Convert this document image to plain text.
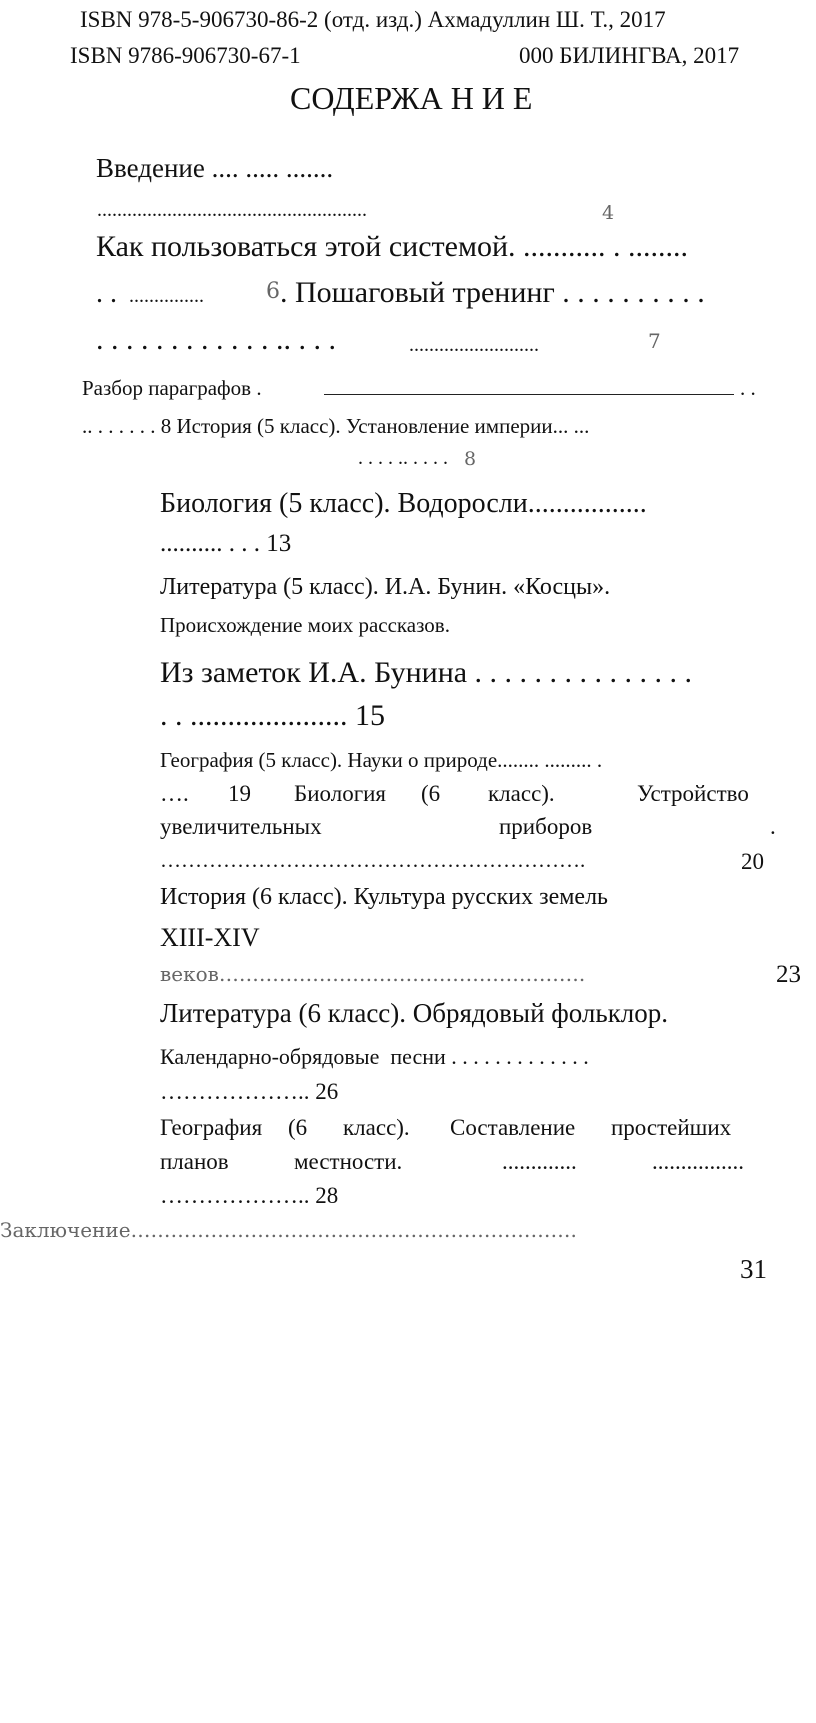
ISBN 978-5-906730-86-2 (отд. изд.) Ахмадуллин Ш. Т., 2017
ISBN 9786-906730-67-1	000 БИЛИНГВА, 2017
СОДЕРЖА Н И Е
Введение .... ..... .......
......................................................	4
Как пользоваться этой системой. ........... . ........
. . ...............	6 . Пошаговый тренинг . . . . . . . . . .
. . . . . . . . . . . . .. . . .	..........................	7
Разбор параграфов .	. .
.. . . . . . . 8 История (5 класс). Установление империи... ...
. . . . .. . . . . 8
Биология (5 класс). Водоросли.................
.......... . . . 13
Литература (5 класс). И.А. Бунин. «Косцы».
Происхождение моих рассказов.
Из заметок И.А. Бунина . . . . . . . . . . . . . . .
. . ..................... 15
География (5 класс). Науки о природе........ ......... .
…. 19 Биология (6 класс).	Устройство
увеличительных	приборов	.
…………………………………………………….	20
История (6 класс). Культура русских земель
XIII-XIV
веков……………………………………………….	23
Литература (6 класс). Обрядовый фольклор.
Календарно-обрядовые  песни . . . . . . . . . . . . .
……………….. 26
География (6 класс). Составление простейших
планов	местности.	.............	................
……………….. 28
Заключение………………………………………………………….
31
